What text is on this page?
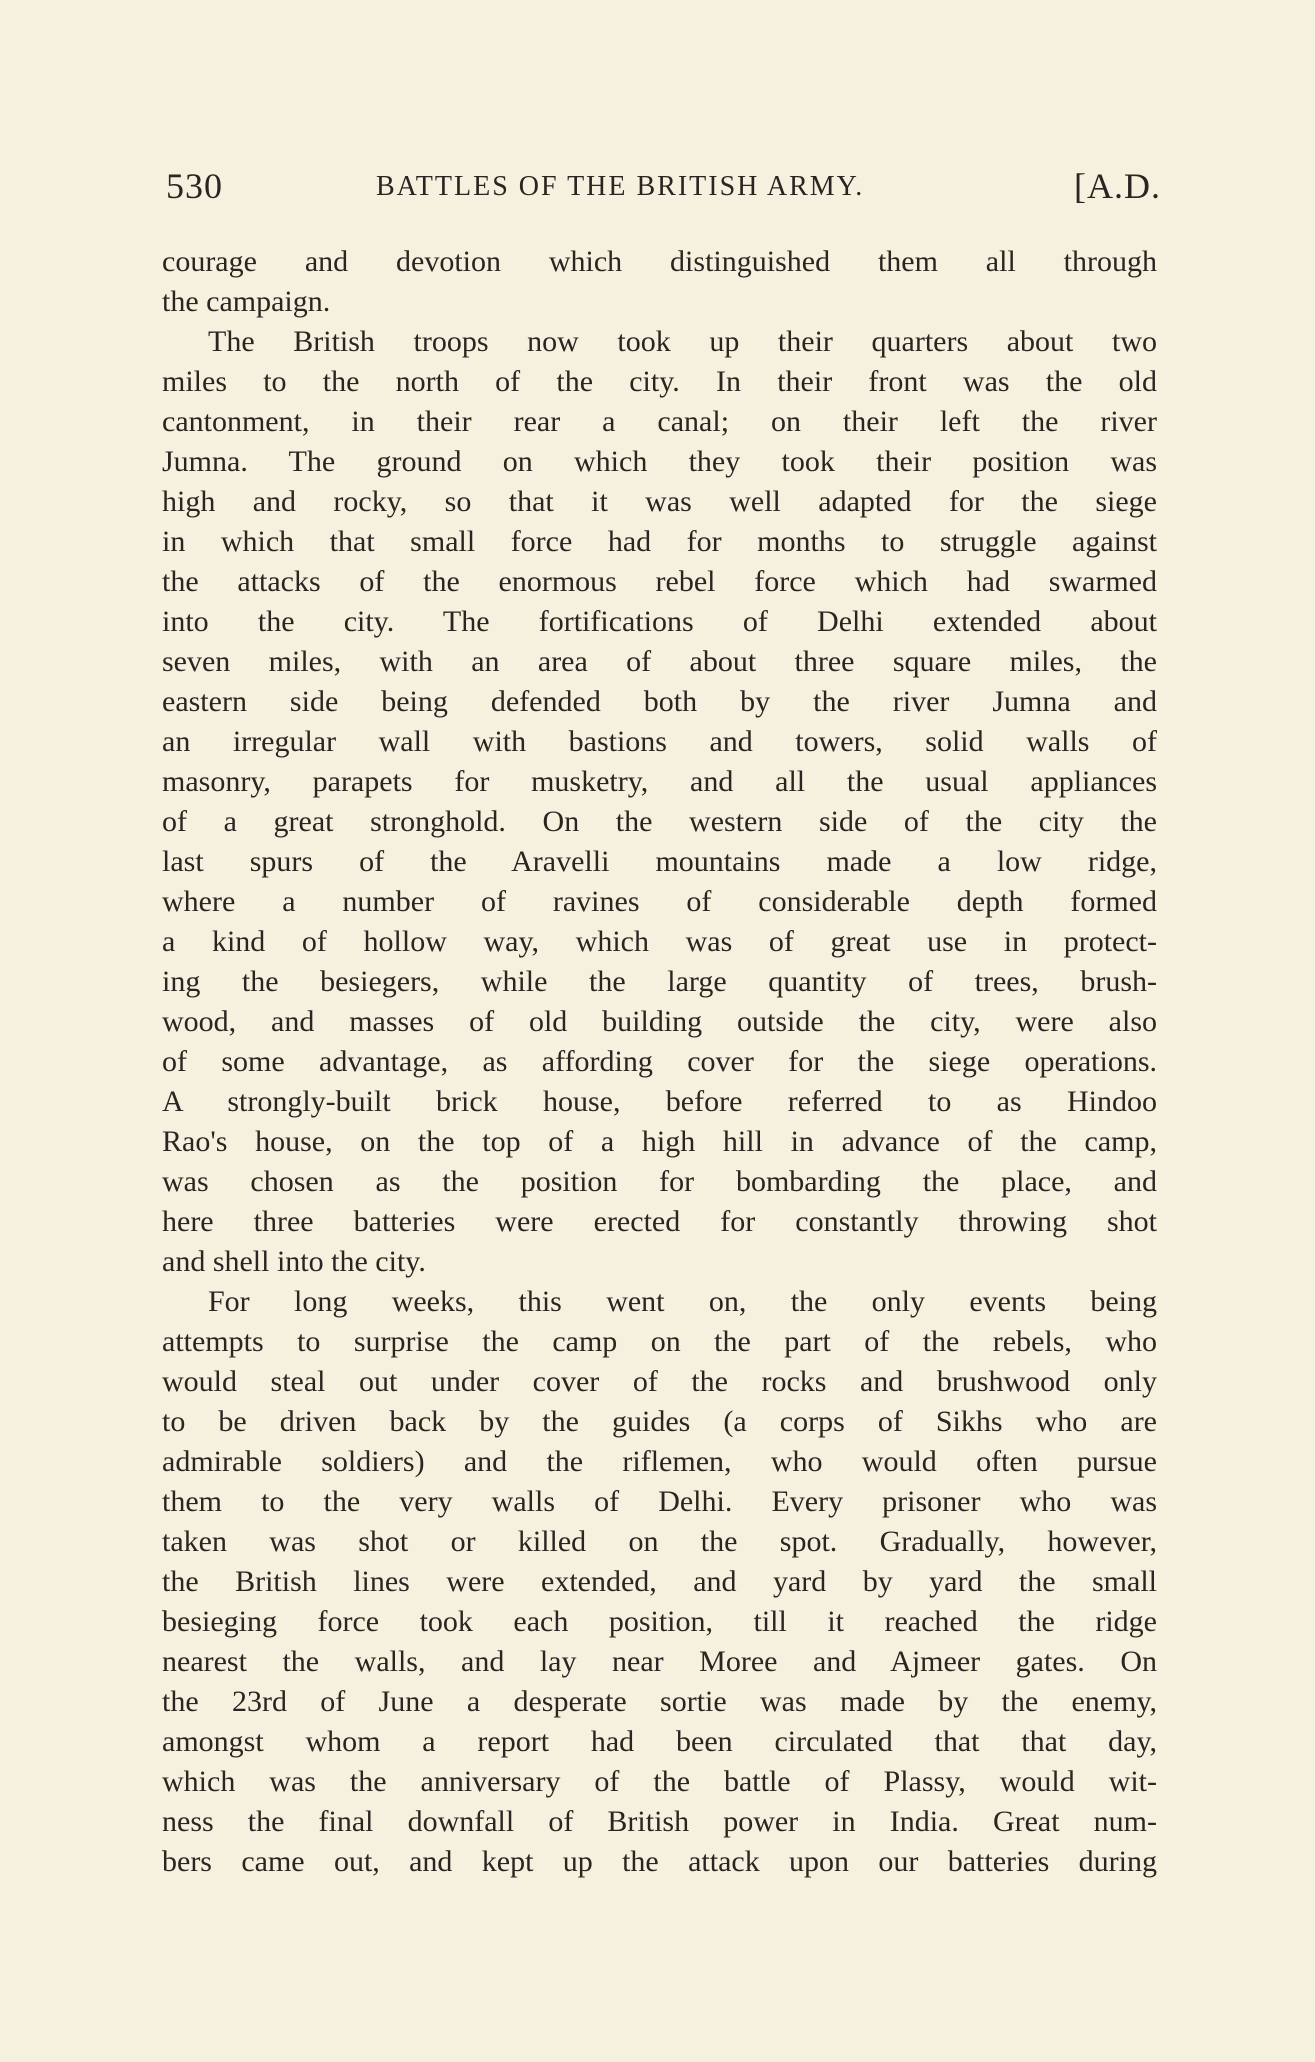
530	BATTLES OF THE BRITISH ARMY.	[A.D.
courage and devotion which distinguished them all through
the campaign.
The British troops now took up their quarters about two
miles to the north of the city. In their front was the old
cantonment, in their rear a canal; on their left the river
Jumna. The ground on which they took their position was
high and rocky, so that it was well adapted for the siege
in which that small force had for months to struggle against
the attacks of the enormous rebel force which had swarmed
into the city. The fortifications of Delhi extended about
seven miles, with an area of about three square miles, the
eastern side being defended both by the river Jumna and
an irregular wall with bastions and towers, solid walls of
masonry, parapets for musketry, and all the usual appliances
of a great stronghold. On the western side of the city the
last spurs of the Aravelli mountains made a low ridge,
where a number of ravines of considerable depth formed
a kind of hollow way, which was of great use in protect-
ing the besiegers, while the large quantity of trees, brush-
wood, and masses of old building outside the city, were also
of some advantage, as affording cover for the siege operations.
A strongly-built brick house, before referred to as Hindoo
Rao's house, on the top of a high hill in advance of the camp,
was chosen as the position for bombarding the place, and
here three batteries were erected for constantly throwing shot
and shell into the city.
For long weeks, this went on, the only events being
attempts to surprise the camp on the part of the rebels, who
would steal out under cover of the rocks and brushwood only
to be driven back by the guides (a corps of Sikhs who are
admirable soldiers) and the riflemen, who would often pursue
them to the very walls of Delhi. Every prisoner who was
taken was shot or killed on the spot. Gradually, however,
the British lines were extended, and yard by yard the small
besieging force took each position, till it reached the ridge
nearest the walls, and lay near Moree and Ajmeer gates. On
the 23rd of June a desperate sortie was made by the enemy,
amongst whom a report had been circulated that that day,
which was the anniversary of the battle of Plassy, would wit-
ness the final downfall of British power in India. Great num-
bers came out, and kept up the attack upon our batteries during
